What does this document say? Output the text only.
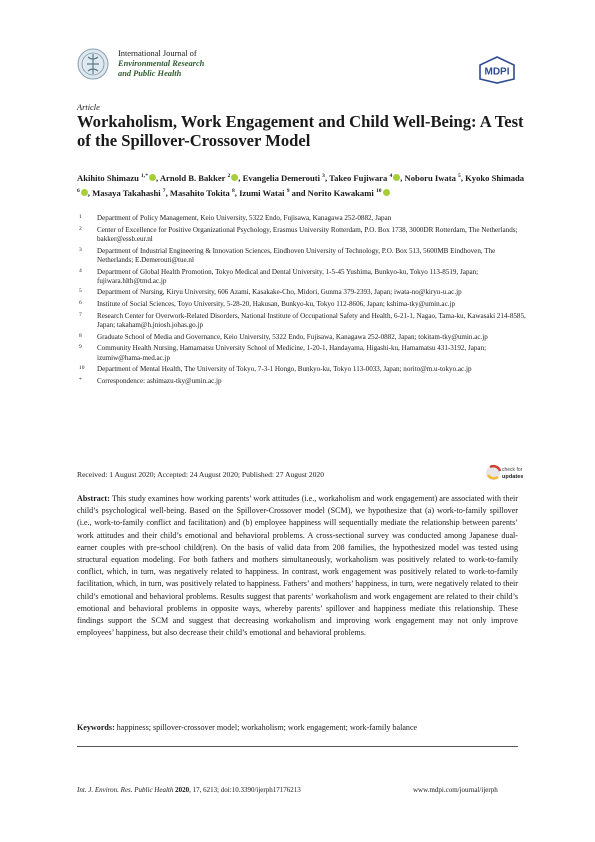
International Journal of
Environmental Research
and Public Health	MDPI
Article
Workaholism, Work Engagement and Child Well-Being: A Test of the Spillover-Crossover Model
Akihito Shimazu $^{1,*}$ , Arnold B. Bakker $^2$ , Evangelia Demerouti $^3$, Takeo Fujiwara $^4$ , Noboru Iwata $^5$, Kyoko Shimada $^6$ , Masaya Takahashi $^7$, Masahito Tokita $^8$, Izumi Watai $^9$ and Norito Kawakami $^{10}$
1 Department of Policy Management, Keio University, 5322 Endo, Fujisawa, Kanagawa 252-0882, Japan
2 Center of Excellence for Positive Organizational Psychology, Erasmus University Rotterdam, P.O. Box 1738, 3000DR Rotterdam, The Netherlands; bakker@essb.eur.nl
3 Department of Industrial Engineering & Innovation Sciences, Eindhoven University of Technology, P.O. Box 513, 5600MB Eindhoven, The Netherlands; E.Demerouti@tue.nl
4 Department of Global Health Promotion, Tokyo Medical and Dental University, 1-5-45 Yushima, Bunkyo-ku, Tokyo 113-8519, Japan; fujiwara.hlth@tmd.ac.jp
5 Department of Nursing, Kiryu University, 606 Azami, Kasakake-Cho, Midori, Gunma 379-2393, Japan; iwata-no@kiryu-u.ac.jp
6 Institute of Social Sciences, Toyo University, 5-28-20, Hakusan, Bunkyo-ku, Tokyo 112-8606, Japan; kshima-tky@umin.ac.jp
7 Research Center for Overwork-Related Disorders, National Institute of Occupational Safety and Health, 6-21-1, Nagao, Tama-ku, Kawasaki 214-8585, Japan; takaham@h.jniosh.johas.go.jp
8 Graduate School of Media and Governance, Keio University, 5322 Endo, Fujisawa, Kanagawa 252-0882, Japan; tokitam-tky@umin.ac.jp
9 Community Health Nursing, Hamamatsu University School of Medicine, 1-20-1, Handayama, Higashi-ku, Hamamatsu 431-3192, Japan; izumiw@hama-med.ac.jp
10 Department of Mental Health, The University of Tokyo, 7-3-1 Hongo, Bunkyo-ku, Tokyo 113-0033, Japan; norito@m.u-tokyo.ac.jp
* Correspondence: ashimazu-tky@umin.ac.jp
Received: 1 August 2020; Accepted: 24 August 2020; Published: 27 August 2020	check for
updates
Abstract: This study examines how working parents’ work attitudes (i.e., workaholism and work engagement) are associated with their child’s psychological well-being. Based on the Spillover-Crossover model (SCM), we hypothesize that (a) work-to-family spillover (i.e., work-to-family conflict and facilitation) and (b) employee happiness will sequentially mediate the relationship between parents’ work attitudes and their child’s emotional and behavioral problems. A cross-sectional survey was conducted among Japanese dual-earner couples with pre-school child(ren). On the basis of valid data from 208 families, the hypothesized model was tested using structural equation modeling. For both fathers and mothers simultaneously, workaholism was positively related to work-to-family conflict, which, in turn, was negatively related to happiness. In contrast, work engagement was positively related to work-to-family facilitation, which, in turn, was positively related to happiness. Fathers’ and mothers’ happiness, in turn, were negatively related to their child’s emotional and behavioral problems. Results suggest that parents’ workaholism and work engagement are related to their child’s emotional and behavioral problems in opposite ways, whereby parents’ spillover and happiness mediate this relationship. These findings support the SCM and suggest that decreasing workaholism and improving work engagement may not only improve employees’ happiness, but also decrease their child’s emotional and behavioral problems.
Keywords: happiness; spillover-crossover model; workaholism; work engagement; work-family balance
Int. J. Environ. Res. Public Health 2020, 17, 6213; doi:10.3390/ijerph17176213	www.mdpi.com/journal/ijerph
